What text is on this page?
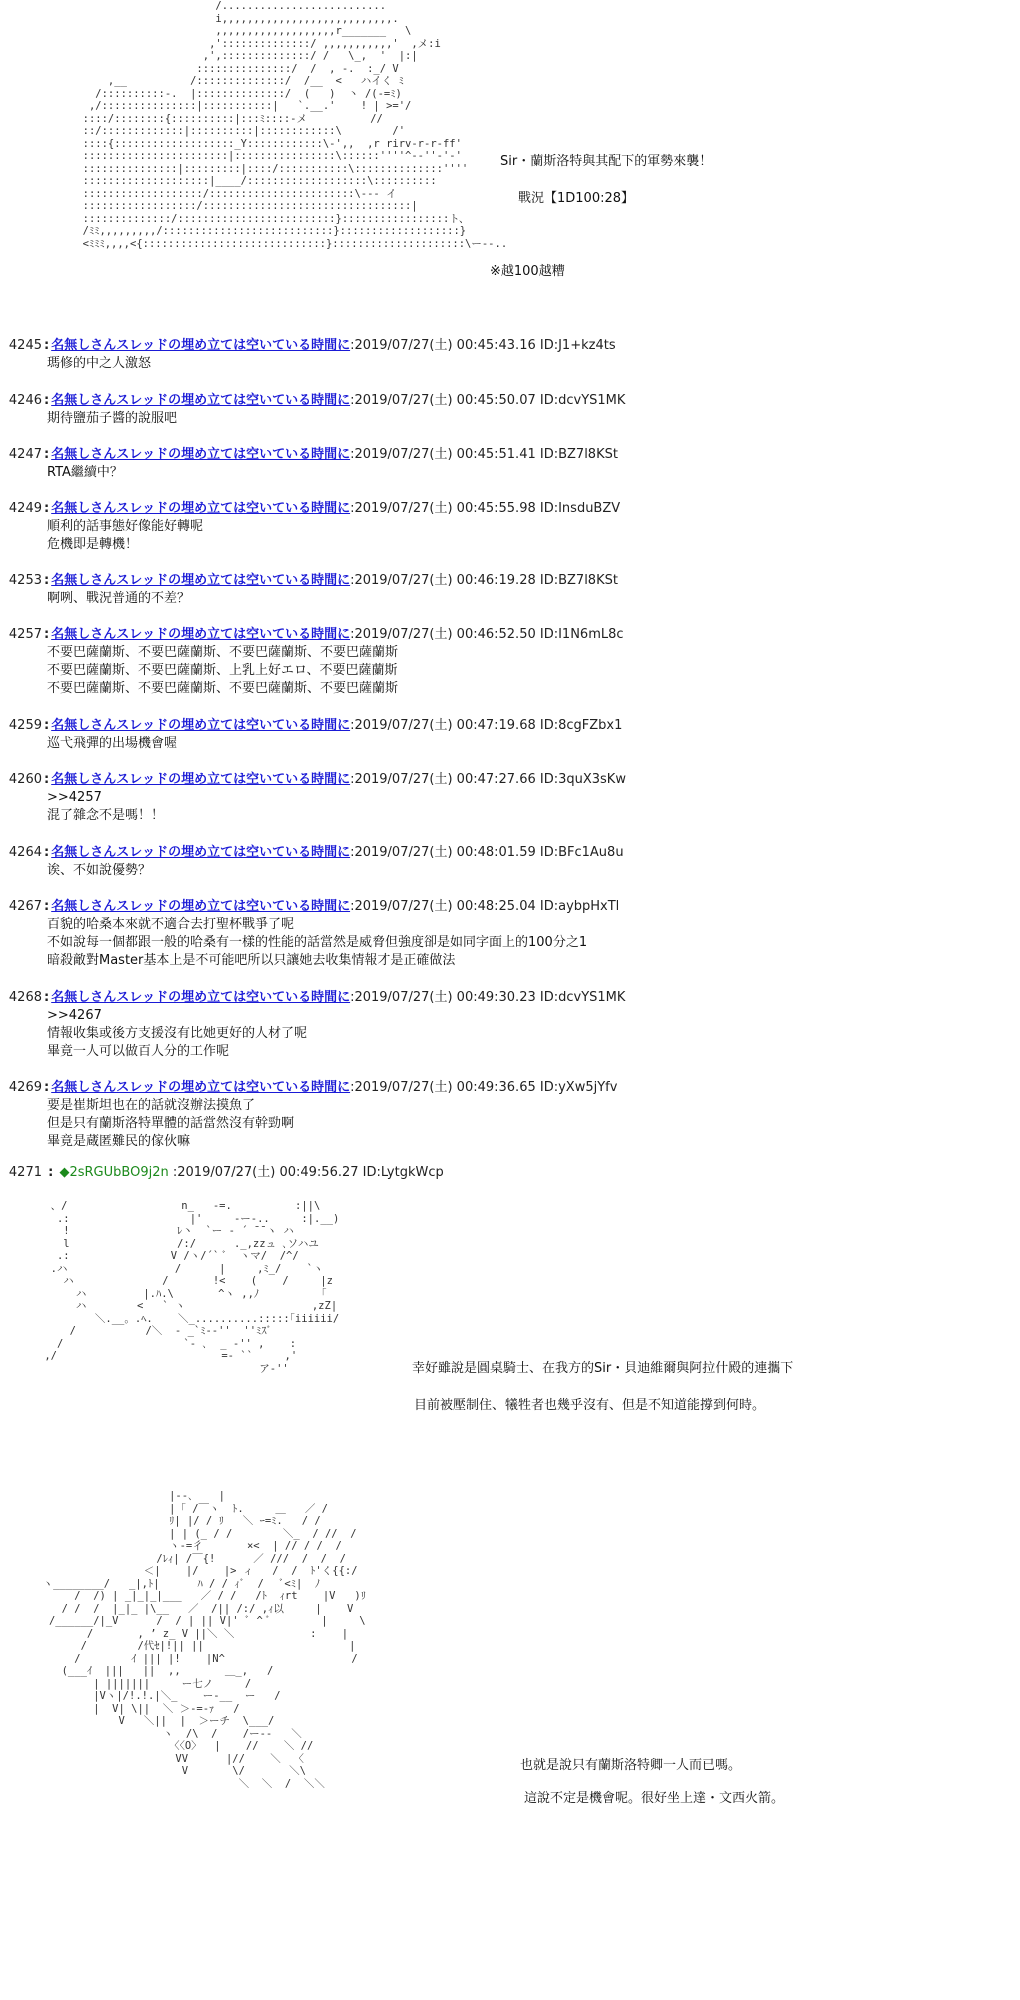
/..........................
i,,,,,,,,,,,,,,,,,,,,,,,,,,,.
,,,,,,,,,,,,,,,,,,,r_______   \
,'::::::::::::::/ ,,,,,,,,,,,'  ,メ:i
,',::::::::::::::/ /   \_,  '  |:|
:::::::::::::::/  /  , -.  :_/ V
,__          /::::::::::::::/  /__  <   ハイく ﾐ
/::::::::::-.  |::::::::::::::/  (   )  丶 /(-=ﾐ)
,/:::::::::::::::|:::::::::::|   `.__.'    ! | >='/
::::/::::::::{::::::::::|:::ﾐ::::-メ          //
::/:::::::::::::|::::::::::|::::::::::::\        /'
::::{:::::::::::::::::::_Y::::::::::::\-',,  ,r rirv-r-r-ff'
:::::::::::::::::::::::|::::::::::::::::\::::::''''^--''-'-'
:::::::::::::::|:::::::::|::::/:::::::::::\::::::::::::::''''
::::::::::::::::::::|____/:::::::::::::::::::\::::::::::
:::::::::::::::::::/:::::::::::::::::::::::\--- イ
::::::::::::::::::/:::::::::::::::::::::::::::::::::|
::::::::::::::/:::::::::::::::::::::::::}:::::::::::::::::ト、
/ﾐﾐ,,,,,,,,,/:::::::::::::::::::::::::::}:::::::::::::::::::}
<ﾐﾐﾐ,,,,<{:::::::::::::::::::::::::::::}:::::::::::::::::::::\ー--..
Sir・蘭斯洛特與其配下的軍勢來襲！
戰況【1D100:28】
※越100越糟
4245 : 名無しさんスレッドの埋め立ては空いている時間に:2019/07/27(土) 00:45:43.16 ID:J1+kz4ts
瑪修的中之人激怒
4246 : 名無しさんスレッドの埋め立ては空いている時間に:2019/07/27(土) 00:45:50.07 ID:dcvYS1MK
期待鹽茄子醬的說服吧
4247 : 名無しさんスレッドの埋め立ては空いている時間に:2019/07/27(土) 00:45:51.41 ID:BZ7l8KSt
RTA繼續中？
4249 : 名無しさんスレッドの埋め立ては空いている時間に:2019/07/27(土) 00:45:55.98 ID:InsduBZV
順利的話事態好像能好轉呢
危機即是轉機！
4253 : 名無しさんスレッドの埋め立ては空いている時間に:2019/07/27(土) 00:46:19.28 ID:BZ7l8KSt
啊咧、戰況普通的不差？
4257 : 名無しさんスレッドの埋め立ては空いている時間に:2019/07/27(土) 00:46:52.50 ID:I1N6mL8c
不要巴薩蘭斯、不要巴薩蘭斯、不要巴薩蘭斯、不要巴薩蘭斯
不要巴薩蘭斯、不要巴薩蘭斯、上乳上好エロ、不要巴薩蘭斯
不要巴薩蘭斯、不要巴薩蘭斯、不要巴薩蘭斯、不要巴薩蘭斯
4259 : 名無しさんスレッドの埋め立ては空いている時間に:2019/07/27(土) 00:47:19.68 ID:8cgFZbx1
巡弋飛彈的出場機會喔
4260 : 名無しさんスレッドの埋め立ては空いている時間に:2019/07/27(土) 00:47:27.66 ID:3quX3sKw
>>4257
混了雜念不是嗎！！
4264 : 名無しさんスレッドの埋め立ては空いている時間に:2019/07/27(土) 00:48:01.59 ID:BFc1Au8u
诶、不如說優勢？
4267 : 名無しさんスレッドの埋め立ては空いている時間に:2019/07/27(土) 00:48:25.04 ID:aybpHxTl
百貌的哈桑本來就不適合去打聖杯戰爭了呢
不如說每一個都跟一般的哈桑有一樣的性能的話當然是威脅但強度卻是如同字面上的100分之1
暗殺敵對Master基本上是不可能吧所以只讓她去收集情報才是正確做法
4268 : 名無しさんスレッドの埋め立ては空いている時間に:2019/07/27(土) 00:49:30.23 ID:dcvYS1MK
>>4267
情報收集或後方支援沒有比她更好的人材了呢
畢竟一人可以做百人分的工作呢
4269 : 名無しさんスレッドの埋め立ては空いている時間に:2019/07/27(土) 00:49:36.65 ID:yXw5jYfv
要是崔斯坦也在的話就沒辦法摸魚了
但是只有蘭斯洛特單體的話當然沒有幹勁啊
畢竟是蔵匿難民的傢伙嘛
4271 : ◆2sRGUbBO9j2n :2019/07/27(土) 00:49:56.27 ID:LytgkWcp
、/                  n_   -=.          :||\
.:                   |'     ‐ー-..     :|.__)
!                 ﾚ丶  `ー - ´ ̄ ̄ ヽ ハ
l                 /:/      ._,zzュ ､ソハユ
.:                V /ヽ/´` ﾞ  ヽマ/  /^/
.ハ                 /      |     ,ﾐ_/    `ヽ
ハ              /       !<    (    /     |z
ハ         |.ﾊ.\       ^ヽ ,,ﾉ         「
ハ        <   ` ヽ                    ,zZ|
＼.__。.ﾍ.    ＼_..........:::::｢iiiiii/
/           /＼  - _`ﾐ--''  ''ﾐｽﾞ
/                   `- ､  _ -'' ,    :
,/                          =- ``     ,'
ア-''	幸好雖說是圓桌騎士、在我方的Sir・貝迪維爾與阿拉什殿的連攜下
目前被壓制住、犧牲者也幾乎沒有、但是不知道能撐到何時。
|-‐､    |
|「 /￣ヽ  ﾄ.     ＿   ／ /
ﾘ| |/ / ﾘ   ＼ ｰ=ﾐ.   / /
| | (_ / /        ＼_  / //  /
ヽ-=彳       ×<  | // / /  /
/ﾚｨ| /￣{!      ／ ///  /  /  /
＜|    |/    |> ィ   /  /  ﾄ'く{{:/
ヽ________/   _|,ﾄ|      ﾊ / / ｨﾞ  /   ﾞ<ﾐ|  ﾉ
/  /) | _|_|_|___   ／ / /   /ﾄ  ｨrt    |V   )ﾘ
/ /  /  |_|_ |\__   ／  /|| /:/ ,ｨ以     |    V
/______/|_V      /  / | || V|' ﾞ ^ ﾞ        |     \
/       , ’ z_ V ||＼ ＼            :    |
/        /代ｾ|!|| ||                       |
/        ｲ ||| |!    |N^                    /
(___ｲ  |||   ||  ,,       ＿_,   /
| |||||||     ー七ノ     /
|Vヽ|/!.!.|＼_    ー-__  ー   /
|  V| \||  ＼ ＞-=-ｧ   /
V   ＼||  |  ＞ーチ  \___/
ヽ  /\  /    /ー--   ＼
〈〈O〉  |    //    ＼ //
VV      |//    ＼  〈
V       \/       ＼\
＼  ＼  /  ＼＼
也就是說只有蘭斯洛特卿一人而已嗎。
這說不定是機會呢。很好坐上達・文西火箭。
